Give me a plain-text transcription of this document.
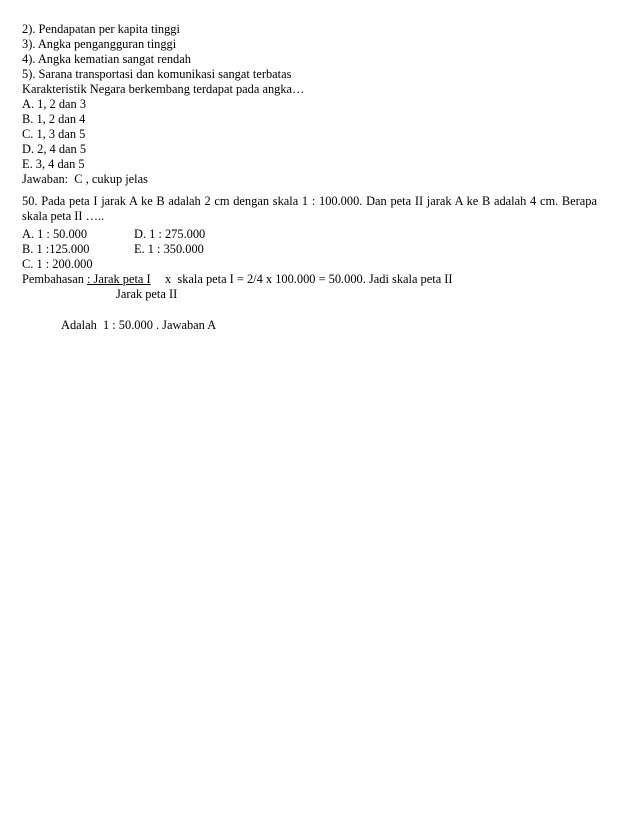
2). Pendapatan per kapita tinggi
3). Angka pengangguran tinggi
4). Angka kematian sangat rendah
5). Sarana transportasi dan komunikasi sangat terbatas
Karakteristik Negara berkembang terdapat pada angka…
A. 1, 2 dan 3
B. 1, 2 dan 4
C. 1, 3 dan 5
D. 2, 4 dan 5
E. 3, 4 dan 5
Jawaban:  C , cukup jelas
50. Pada peta I jarak A ke B adalah 2 cm dengan skala 1 : 100.000. Dan peta II jarak A ke B adalah 4 cm. Berapa skala peta II …..
A. 1 : 50.000	D. 1 : 275.000
B. 1 :125.000	E. 1 : 350.000
C. 1 : 200.000
Pembahasan : Jarak peta I x  skala peta I = 2/4 x 100.000 = 50.000. Jadi skala peta II
Jarak peta II
Adalah  1 : 50.000 . Jawaban A
